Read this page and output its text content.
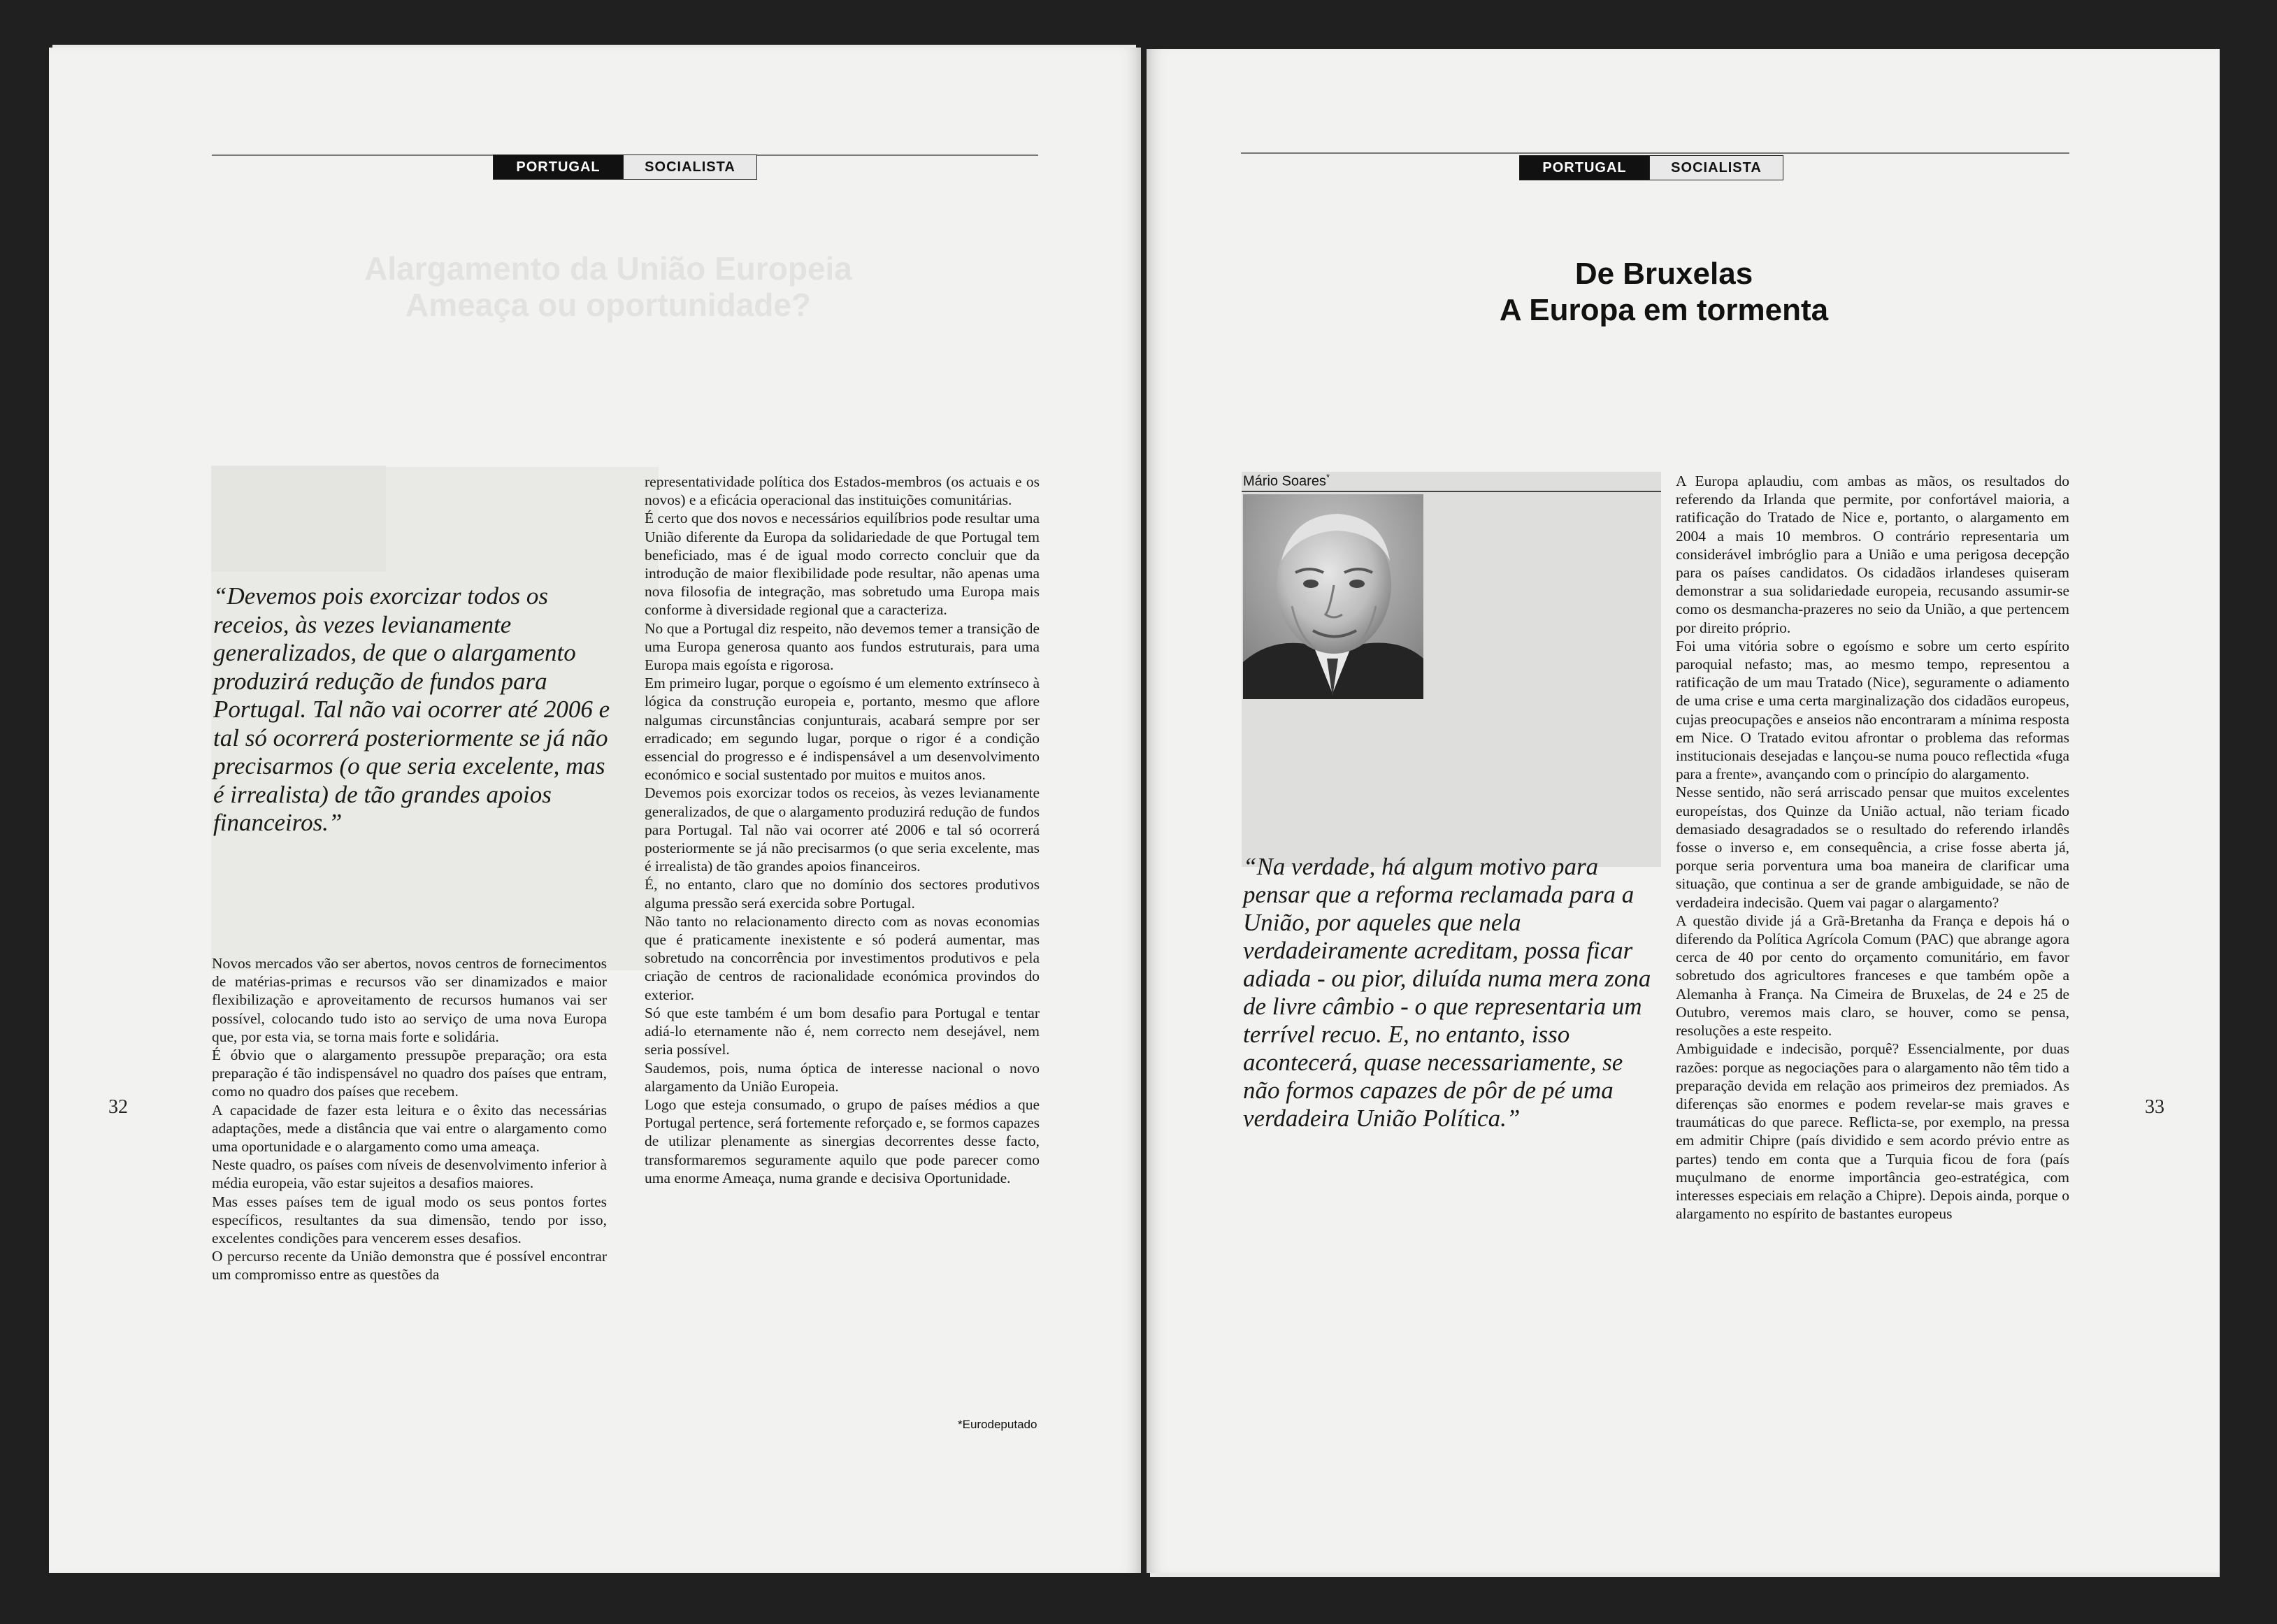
PORTUGAL	SOCIALISTA
Alargamento da União Europeia
Ameaça ou oportunidade?
“Devemos pois exorcizar todos os receios, às vezes levianamente generalizados, de que o alargamento produzirá redução de fundos para Portugal. Tal não vai ocorrer até 2006 e tal só ocorrerá posteriormente se já não precisarmos (o que seria excelente, mas é irrealista) de tão grandes apoios financeiros.”

Novos mercados vão ser abertos, novos centros de fornecimentos de matérias-primas e recursos vão ser dinamizados e maior flexibilização e aproveitamento de recursos humanos vai ser possível, colocando tudo isto ao serviço de uma nova Europa que, por esta via, se torna mais forte e solidária.

É óbvio que o alargamento pressupõe preparação; ora esta preparação é tão indispensável no quadro dos países que entram, como no quadro dos países que recebem.

A capacidade de fazer esta leitura e o êxito das necessárias adaptações, mede a distância que vai entre o alargamento como uma oportunidade e o alargamento como uma ameaça.

Neste quadro, os países com níveis de desenvolvimento inferior à média europeia, vão estar sujeitos a desafios maiores.

Mas esses países tem de igual modo os seus pontos fortes específicos, resultantes da sua dimensão, tendo por isso, excelentes condições para vencerem esses desafios.

O percurso recente da União demonstra que é possível encontrar um compromisso entre as questões da

representatividade política dos Estados-membros (os actuais e os novos) e a eficácia operacional das instituições comunitárias.

É certo que dos novos e necessários equilíbrios pode resultar uma União diferente da Europa da solidariedade de que Portugal tem beneficiado, mas é de igual modo correcto concluir que da introdução de maior flexibilidade pode resultar, não apenas uma nova filosofia de integração, mas sobretudo uma Europa mais conforme à diversidade regional que a caracteriza.

No que a Portugal diz respeito, não devemos temer a transição de uma Europa generosa quanto aos fundos estruturais, para uma Europa mais egoísta e rigorosa.

Em primeiro lugar, porque o egoísmo é um elemento extrínseco à lógica da construção europeia e, portanto, mesmo que aflore nalgumas circunstâncias conjunturais, acabará sempre por ser erradicado; em segundo lugar, porque o rigor é a condição essencial do progresso e é indispensável a um desenvolvimento económico e social sustentado por muitos e muitos anos.

Devemos pois exorcizar todos os receios, às vezes levianamente generalizados, de que o alargamento produzirá redução de fundos para Portugal. Tal não vai ocorrer até 2006 e tal só ocorrerá posteriormente se já não precisarmos (o que seria excelente, mas é irrealista) de tão grandes apoios financeiros.

É, no entanto, claro que no domínio dos sectores produtivos alguma pressão será exercida sobre Portugal.

Não tanto no relacionamento directo com as novas economias que é praticamente inexistente e só poderá aumentar, mas sobretudo na concorrência por investimentos produtivos e pela criação de centros de racionalidade económica provindos do exterior.

Só que este também é um bom desafio para Portugal e tentar adiá-lo eternamente não é, nem correcto nem desejável, nem seria possível.

Saudemos, pois, numa óptica de interesse nacional o novo alargamento da União Europeia.

Logo que esteja consumado, o grupo de países médios a que Portugal pertence, será fortemente reforçado e, se formos capazes de utilizar plenamente as sinergias decorrentes desse facto, transformaremos seguramente aquilo que pode parecer como uma enorme Ameaça, numa grande e decisiva Oportunidade.

*Eurodeputado
32
PORTUGAL	SOCIALISTA
De Bruxelas
A Europa em tormenta
Mário Soares*
“Na verdade, há algum motivo para pensar que a reforma reclamada para a União, por aqueles que nela verdadeiramente acreditam, possa ficar adiada - ou pior, diluída numa mera zona de livre câmbio - o que representaria um terrível recuo. E, no entanto, isso acontecerá, quase necessariamente, se não formos capazes de pôr de pé uma verdadeira União Política.”

A Europa aplaudiu, com ambas as mãos, os resultados do referendo da Irlanda que permite, por confortável maioria, a ratificação do Tratado de Nice e, portanto, o alargamento em 2004 a mais 10 membros. O contrário representaria um considerável imbróglio para a União e uma perigosa decepção para os países candidatos. Os cidadãos irlandeses quiseram demonstrar a sua solidariedade europeia, recusando assumir-se como os desmancha-prazeres no seio da União, a que pertencem por direito próprio.

Foi uma vitória sobre o egoísmo e sobre um certo espírito paroquial nefasto; mas, ao mesmo tempo, representou a ratificação de um mau Tratado (Nice), seguramente o adiamento de uma crise e uma certa marginalização dos cidadãos europeus, cujas preocupações e anseios não encontraram a mínima resposta em Nice. O Tratado evitou afrontar o problema das reformas institucionais desejadas e lançou-se numa pouco reflectida «fuga para a frente», avançando com o princípio do alargamento.

Nesse sentido, não será arriscado pensar que muitos excelentes europeístas, dos Quinze da União actual, não teriam ficado demasiado desagradados se o resultado do referendo irlandês fosse o inverso e, em consequência, a crise fosse aberta já, porque seria porventura uma boa maneira de clarificar uma situação, que continua a ser de grande ambiguidade, se não de verdadeira indecisão. Quem vai pagar o alargamento?

A questão divide já a Grã-Bretanha da França e depois há o diferendo da Política Agrícola Comum (PAC) que abrange agora cerca de 40 por cento do orçamento comunitário, em favor sobretudo dos agricultores franceses e que também opõe a Alemanha à França. Na Cimeira de Bruxelas, de 24 e 25 de Outubro, veremos mais claro, se houver, como se pensa, resoluções a este respeito.

Ambiguidade e indecisão, porquê? Essencialmente, por duas razões: porque as negociações para o alargamento não têm tido a preparação devida em relação aos primeiros dez premiados. As diferenças são enormes e podem revelar-se mais graves e traumáticas do que parece. Reflicta-se, por exemplo, na pressa em admitir Chipre (país dividido e sem acordo prévio entre as partes) tendo em conta que a Turquia ficou de fora (país muçulmano de enorme importância geo-estratégica, com interesses especiais em relação a Chipre). Depois ainda, porque o alargamento no espírito de bastantes europeus

33
